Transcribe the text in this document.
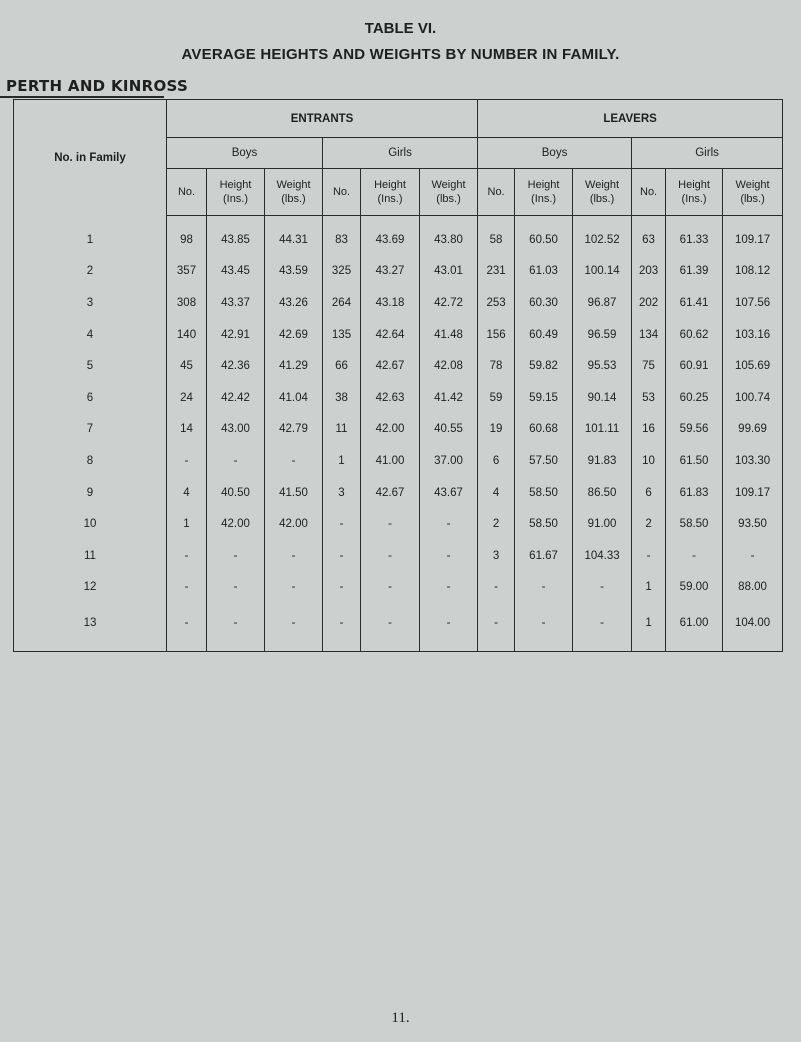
TABLE VI.
AVERAGE HEIGHTS AND WEIGHTS BY NUMBER IN FAMILY.
PERTH AND KINROSS
No. in Family	ENTRANTS						LEAVERS					
	Boys			Girls			Boys			Girls		
	No.	Height (Ins.)	Weight (lbs.)	No.	Height (Ins.)	Weight (lbs.)	No.	Height (Ins.)	Weight (lbs.)	No.	Height (Ins.)	Weight (lbs.)
1	98	43.85	44.31	83	43.69	43.80	58	60.50	102.52	63	61.33	109.17
2	357	43.45	43.59	325	43.27	43.01	231	61.03	100.14	203	61.39	108.12
3	308	43.37	43.26	264	43.18	42.72	253	60.30	96.87	202	61.41	107.56
4	140	42.91	42.69	135	42.64	41.48	156	60.49	96.59	134	60.62	103.16
5	45	42.36	41.29	66	42.67	42.08	78	59.82	95.53	75	60.91	105.69
6	24	42.42	41.04	38	42.63	41.42	59	59.15	90.14	53	60.25	100.74
7	14	43.00	42.79	11	42.00	40.55	19	60.68	101.11	16	59.56	99.69
8	-	-	-	1	41.00	37.00	6	57.50	91.83	10	61.50	103.30
9	4	40.50	41.50	3	42.67	43.67	4	58.50	86.50	6	61.83	109.17
10	1	42.00	42.00	-	-	-	2	58.50	91.00	2	58.50	93.50
11	-	-	-	-	-	-	3	61.67	104.33	-	-	-
12	-	-	-	-	-	-	-	-	-	1	59.00	88.00
13	-	-	-	-	-	-	-	-	-	1	61.00	104.00
11.
